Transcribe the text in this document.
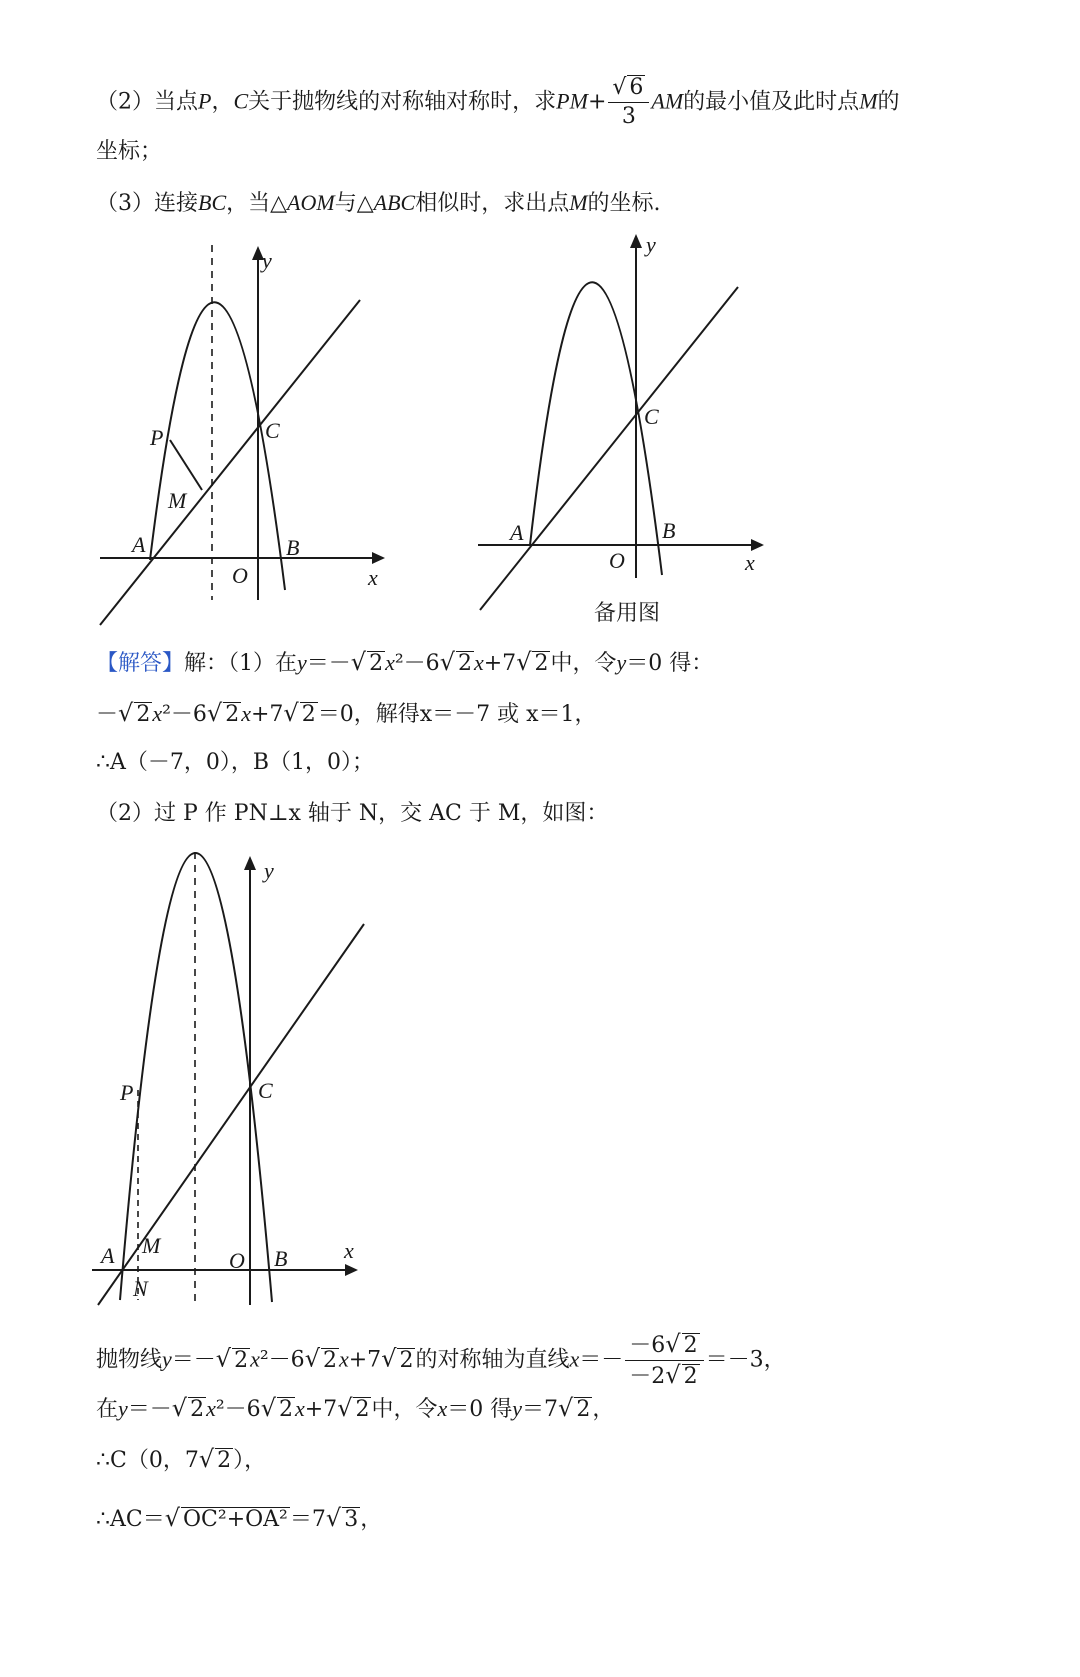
（2）当点P，C关于抛物线的对称轴对称时，求$PM+ \frac{√ 6}{3}$ AM的最小值及此时点M的
坐标；
（3）连接BC，当△AOM与△ABC相似时，求出点M的坐标.
y
x
P	C
M
A	B
O
y
x
C
A	B
O
备用图
【解答】解：（1）在y＝－√ 2x²－6√ 2x+7√ 2中，令y＝0 得：
－√ 2x²－6√ 2x+7√ 2＝0，解得x＝－7 或 x＝1，
∴A（－7，0），B（1，0）；
（2）过 P 作 PN⊥x 轴于 N，交 AC 于 M，如图：
y
x
P	C
M
A
N
B
O
抛物线y＝－√ 2x²－6√ 2x+7√ 2的对称轴为直线$x=- \frac{-6√ 2}{-2√ 2} =-3$，
在y＝－√ 2x²－6√ 2x+7√ 2中，令x＝0 得y＝7√ 2，
∴C（0，7√ 2），
∴AC＝√ OC²+OA²＝7√ 3，
